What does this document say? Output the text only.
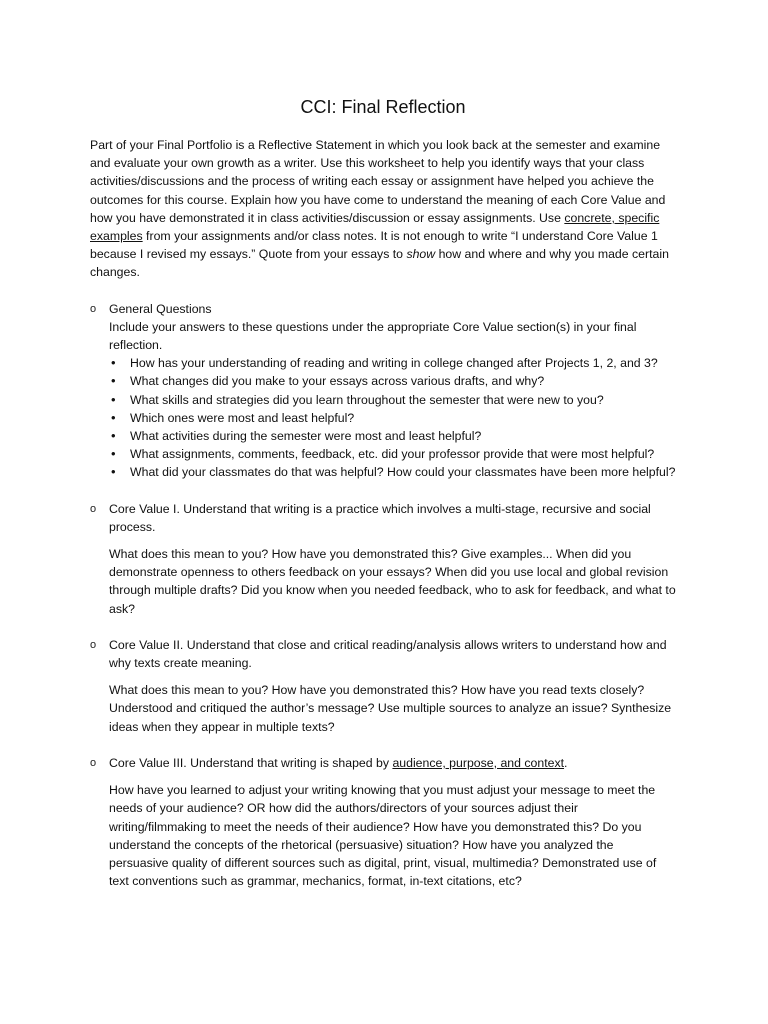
CCI: Final Reflection

Part of your Final Portfolio is a Reflective Statement in which you look back at the semester and examine and evaluate your own growth as a writer. Use this worksheet to help you identify ways that your class activities/discussions and the process of writing each essay or assignment have helped you achieve the outcomes for this course. Explain how you have come to understand the meaning of each Core Value and how you have demonstrated it in class activities/discussion or essay assignments. Use concrete, specific examples from your assignments and/or class notes. It is not enough to write “I understand Core Value 1 because I revised my essays.” Quote from your essays to show how and where and why you made certain changes.

o	General Questions

Include your answers to these questions under the appropriate Core Value section(s) in your final reflection.

• How has your understanding of reading and writing in college changed after Projects 1, 2, and 3?
• What changes did you make to your essays across various drafts, and why?
• What skills and strategies did you learn throughout the semester that were new to you?
• Which ones were most and least helpful?
• What activities during the semester were most and least helpful?
• What assignments, comments, feedback, etc. did your professor provide that were most helpful?
• What did your classmates do that was helpful? How could your classmates have been more helpful?
o	Core Value I. Understand that writing is a practice which involves a multi-stage, recursive and social process.

What does this mean to you? How have you demonstrated this? Give examples... When did you demonstrate openness to others feedback on your essays? When did you use local and global revision through multiple drafts? Did you know when you needed feedback, who to ask for feedback, and what to ask?

o	Core Value II. Understand that close and critical reading/analysis allows writers to understand how and why texts create meaning.

What does this mean to you? How have you demonstrated this? How have you read texts closely? Understood and critiqued the author’s message? Use multiple sources to analyze an issue? Synthesize ideas when they appear in multiple texts?

o	Core Value III. Understand that writing is shaped by audience, purpose, and context.

How have you learned to adjust your writing knowing that you must adjust your message to meet the needs of your audience? OR how did the authors/directors of your sources adjust their writing/filmmaking to meet the needs of their audience? How have you demonstrated this? Do you understand the concepts of the rhetorical (persuasive) situation? How have you analyzed the persuasive quality of different sources such as digital, print, visual, multimedia? Demonstrated use of text conventions such as grammar, mechanics, format, in-text citations, etc?
